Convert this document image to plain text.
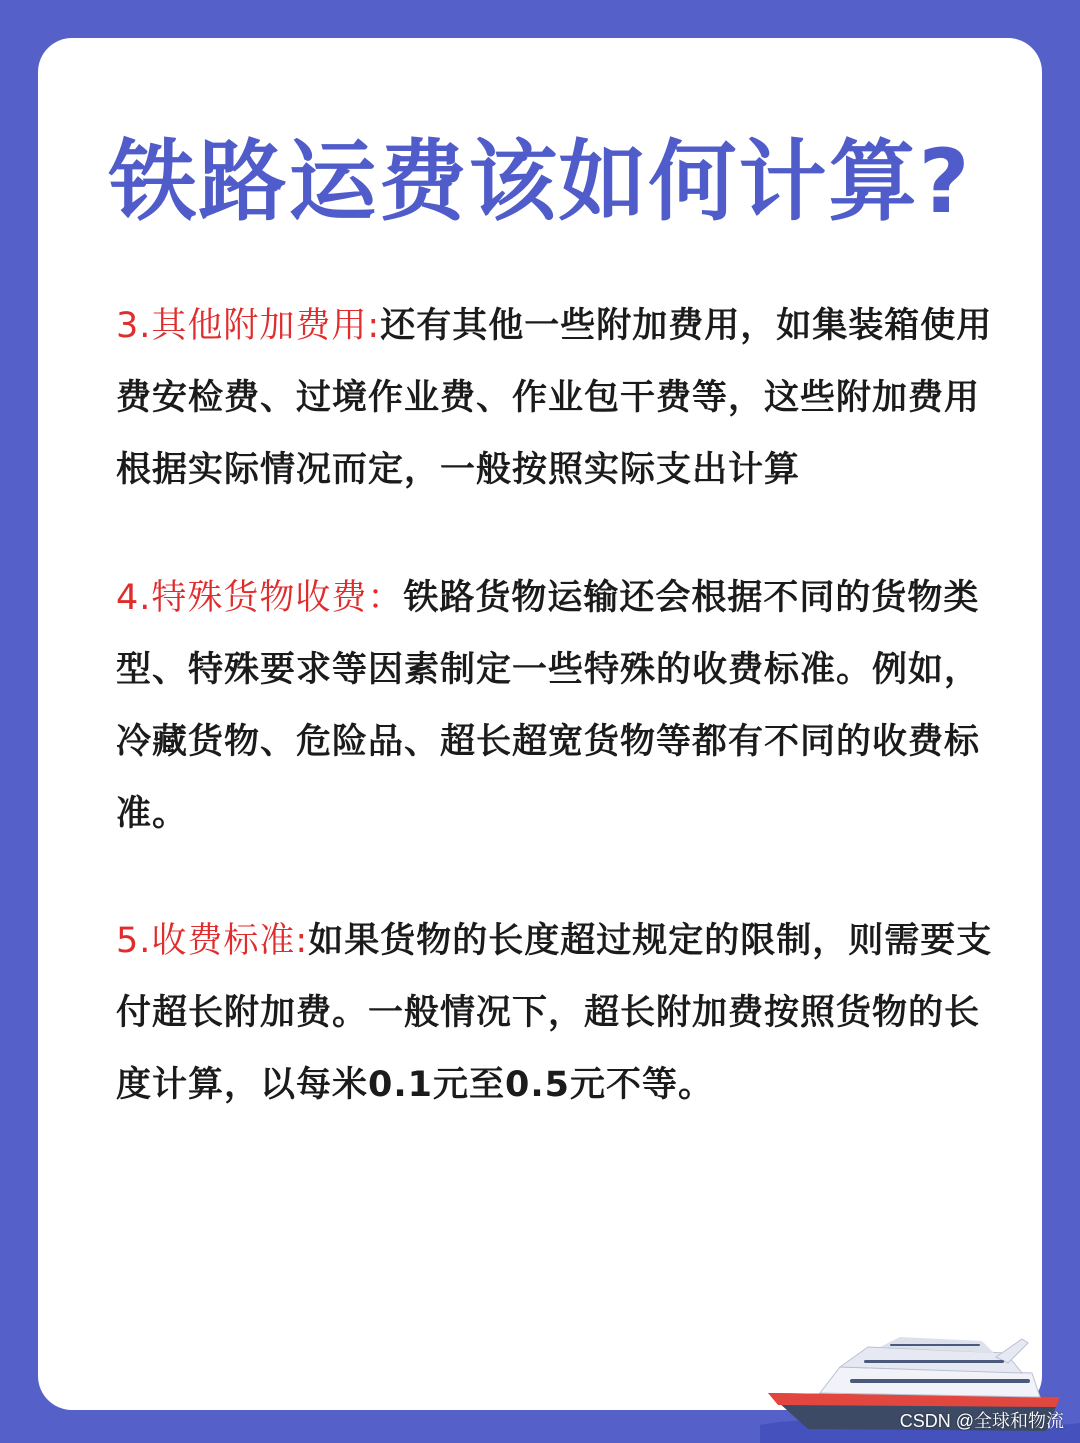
铁路运费该如何计算?

3.其他附加费用:还有其他一些附加费用，如集装箱使用费安检费、过境作业费、作业包干费等，这些附加费用根据实际情况而定，一般按照实际支出计算

4.特殊货物收费：铁路货物运输还会根据不同的货物类型、特殊要求等因素制定一些特殊的收费标准。例如，冷藏货物、危险品、超长超宽货物等都有不同的收费标准。

5.收费标准:如果货物的长度超过规定的限制，则需要支付超长附加费。一般情况下，超长附加费按照货物的长度计算，以每米0.1元至0.5元不等。

CSDN @全球和物流
